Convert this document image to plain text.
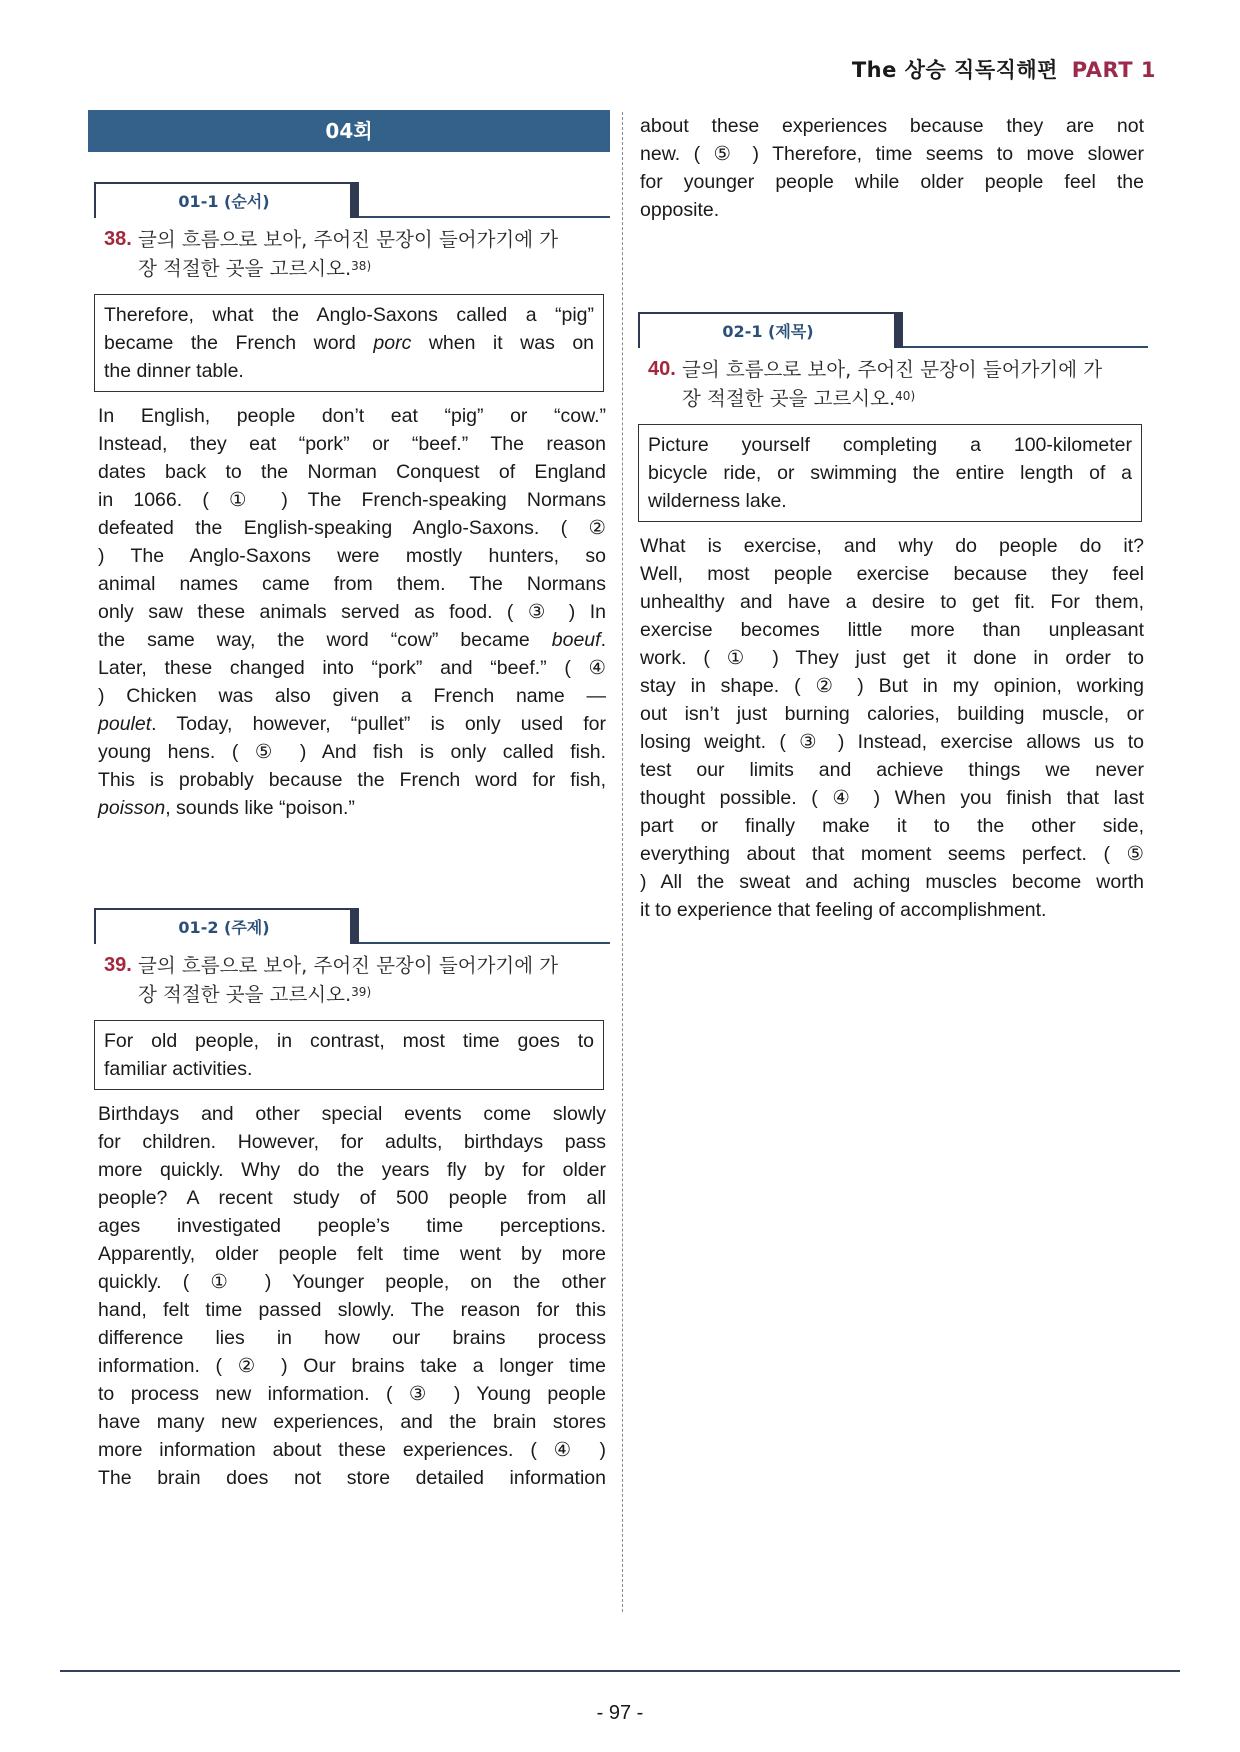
The 상승 직독직해편 PART 1
04회
01-1 (순서)
38. 글의 흐름으로 보아, 주어진 문장이 들어가기에 가
장 적절한 곳을 고르시오.$^{38)}$
Therefore, what the Anglo-Saxons called a “pig”
became the French word porc when it was on
the dinner table.
In English, people don’t eat “pig” or “cow.”
Instead, they eat “pork” or “beef.” The reason
dates back to the Norman Conquest of England
in 1066. ( ① ) The French-speaking Normans
defeated the English-speaking Anglo-Saxons. ( ②
) The Anglo-Saxons were mostly hunters, so
animal names came from them. The Normans
only saw these animals served as food. ( ③ ) In
the same way, the word “cow” became boeuf.
Later, these changed into “pork” and “beef.” ( ④
) Chicken was also given a French name —
poulet. Today, however, “pullet” is only used for
young hens. ( ⑤ ) And fish is only called fish.
This is probably because the French word for fish,
poisson, sounds like “poison.”
01-2 (주제)
39. 글의 흐름으로 보아, 주어진 문장이 들어가기에 가
장 적절한 곳을 고르시오.$^{39)}$
For old people, in contrast, most time goes to
familiar activities.
Birthdays and other special events come slowly
for children. However, for adults, birthdays pass
more quickly. Why do the years fly by for older
people? A recent study of 500 people from all
ages investigated people’s time perceptions.
Apparently, older people felt time went by more
quickly. ( ① ) Younger people, on the other
hand, felt time passed slowly. The reason for this
difference lies in how our brains process
information. ( ② ) Our brains take a longer time
to process new information. ( ③ ) Young people
have many new experiences, and the brain stores
more information about these experiences. ( ④ )
The brain does not store detailed information
about these experiences because they are not
new. ( ⑤ ) Therefore, time seems to move slower
for younger people while older people feel the
opposite.
02-1 (제목)
40. 글의 흐름으로 보아, 주어진 문장이 들어가기에 가
장 적절한 곳을 고르시오.$^{40)}$
Picture yourself completing a 100-kilometer
bicycle ride, or swimming the entire length of a
wilderness lake.
What is exercise, and why do people do it?
Well, most people exercise because they feel
unhealthy and have a desire to get fit. For them,
exercise becomes little more than unpleasant
work. ( ① ) They just get it done in order to
stay in shape. ( ② ) But in my opinion, working
out isn’t just burning calories, building muscle, or
losing weight. ( ③ ) Instead, exercise allows us to
test our limits and achieve things we never
thought possible. ( ④ ) When you finish that last
part or finally make it to the other side,
everything about that moment seems perfect. ( ⑤
) All the sweat and aching muscles become worth
it to experience that feeling of accomplishment.
- 97 -
